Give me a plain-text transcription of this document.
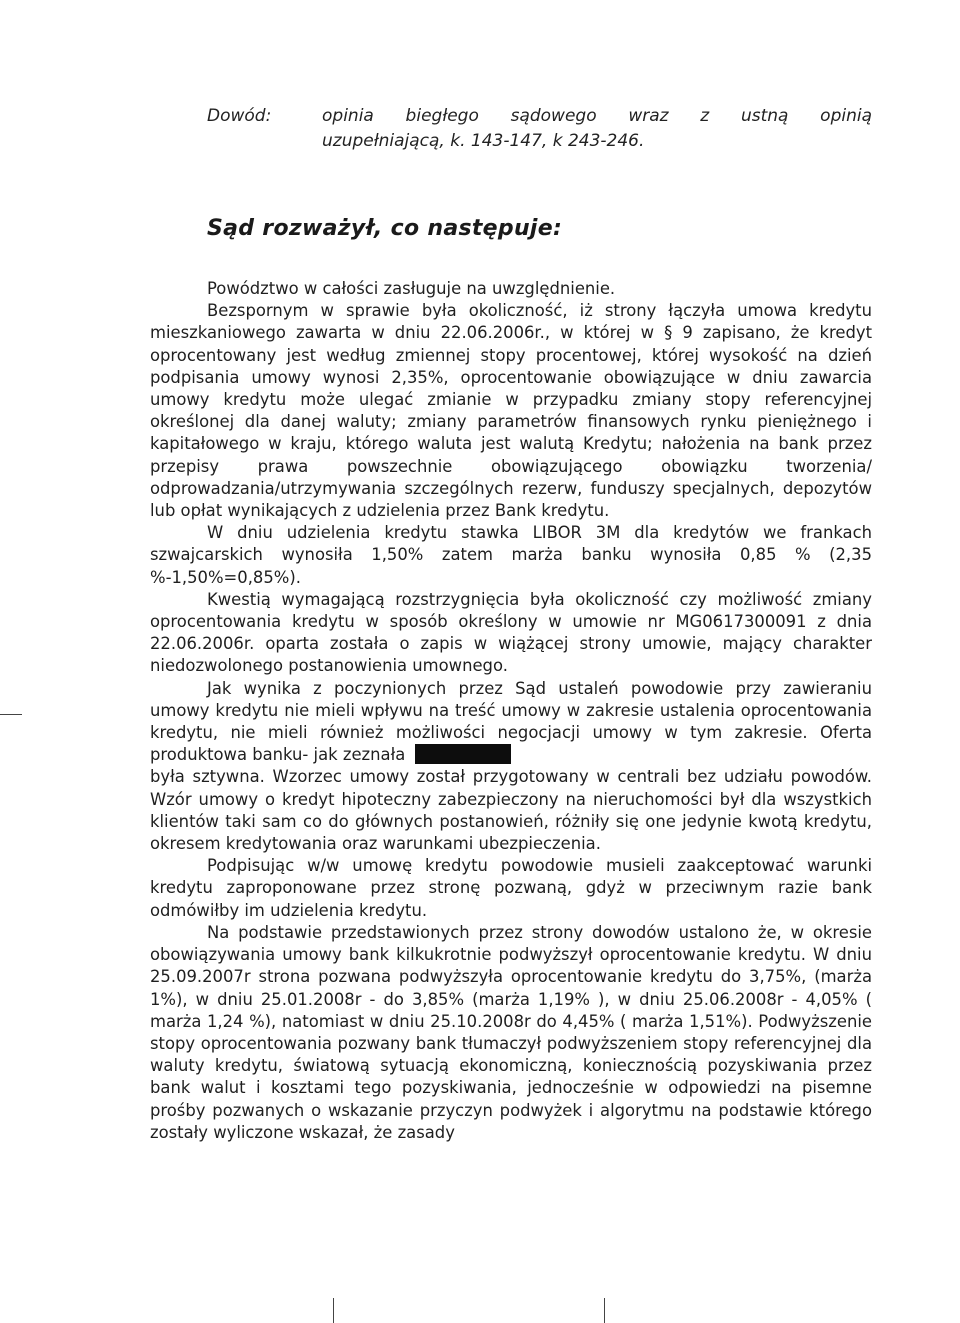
Dowód:	opinia biegłego sądowego wraz z ustną opinią
uzupełniającą, k. 143-147, k 243-246.
Sąd rozważył, co następuje:

Powództwo w całości zasługuje na uwzględnienie.

Bezspornym w sprawie była okoliczność, iż strony łączyła umowa kredytu mieszkaniowego zawarta w dniu 22.06.2006r., w której w § 9 zapisano, że kredyt oprocentowany jest według zmiennej stopy procentowej, której wysokość na dzień podpisania umowy wynosi 2,35%, oprocentowanie obowiązujące w dniu zawarcia umowy kredytu może ulegać zmianie w przypadku zmiany stopy referencyjnej określonej dla danej waluty; zmiany parametrów finansowych rynku pieniężnego i kapitałowego w kraju, którego waluta jest walutą Kredytu; nałożenia na bank przez przepisy prawa powszechnie obowiązującego obowiązku tworzenia/ odprowadzania/utrzymywania szczególnych rezerw, funduszy specjalnych, depozytów lub opłat wynikających z udzielenia przez Bank kredytu.

W dniu udzielenia kredytu stawka LIBOR 3M dla kredytów we frankach szwajcarskich wynosiła 1,50% zatem marża banku wynosiła 0,85 % (2,35 %-1,50%=0,85%).

Kwestią wymagającą rozstrzygnięcia była okoliczność czy możliwość zmiany oprocentowania kredytu w sposób określony w umowie nr MG0617300091 z dnia 22.06.2006r. oparta została o zapis w wiążącej strony umowie, mający charakter niedozwolonego postanowienia umownego.

Jak wynika z poczynionych przez Sąd ustaleń powodowie przy zawieraniu umowy kredytu nie mieli wpływu na treść umowy w zakresie ustalenia oprocentowania kredytu, nie mieli również możliwości negocjacji umowy w tym zakresie. Oferta produktowa banku- jak zeznała

była sztywna. Wzorzec umowy został przygotowany w centrali bez udziału powodów. Wzór umowy o kredyt hipoteczny zabezpieczony na nieruchomości był dla wszystkich klientów taki sam co do głównych postanowień, różniły się one jedynie kwotą kredytu, okresem kredytowania oraz warunkami ubezpieczenia.

Podpisując w/w umowę kredytu powodowie musieli zaakceptować warunki kredytu zaproponowane przez stronę pozwaną, gdyż w przeciwnym razie bank odmówiłby im udzielenia kredytu.

Na podstawie przedstawionych przez strony dowodów ustalono że, w okresie obowiązywania umowy bank kilkukrotnie podwyższył oprocentowanie kredytu. W dniu 25.09.2007r strona pozwana podwyższyła oprocentowanie kredytu do 3,75%, (marża 1%), w dniu 25.01.2008r - do 3,85% (marża 1,19% ), w dniu 25.06.2008r - 4,05% ( marża 1,24 %), natomiast w dniu 25.10.2008r do 4,45% ( marża 1,51%). Podwyższenie stopy oprocentowania pozwany bank tłumaczył podwyższeniem stopy referencyjnej dla waluty kredytu, światową sytuacją ekonomiczną, koniecznością pozyskiwania przez bank walut i kosztami tego pozyskiwania, jednocześnie w odpowiedzi na pisemne prośby pozwanych o wskazanie przyczyn podwyżek i algorytmu na podstawie którego zostały wyliczone wskazał, że zasady
